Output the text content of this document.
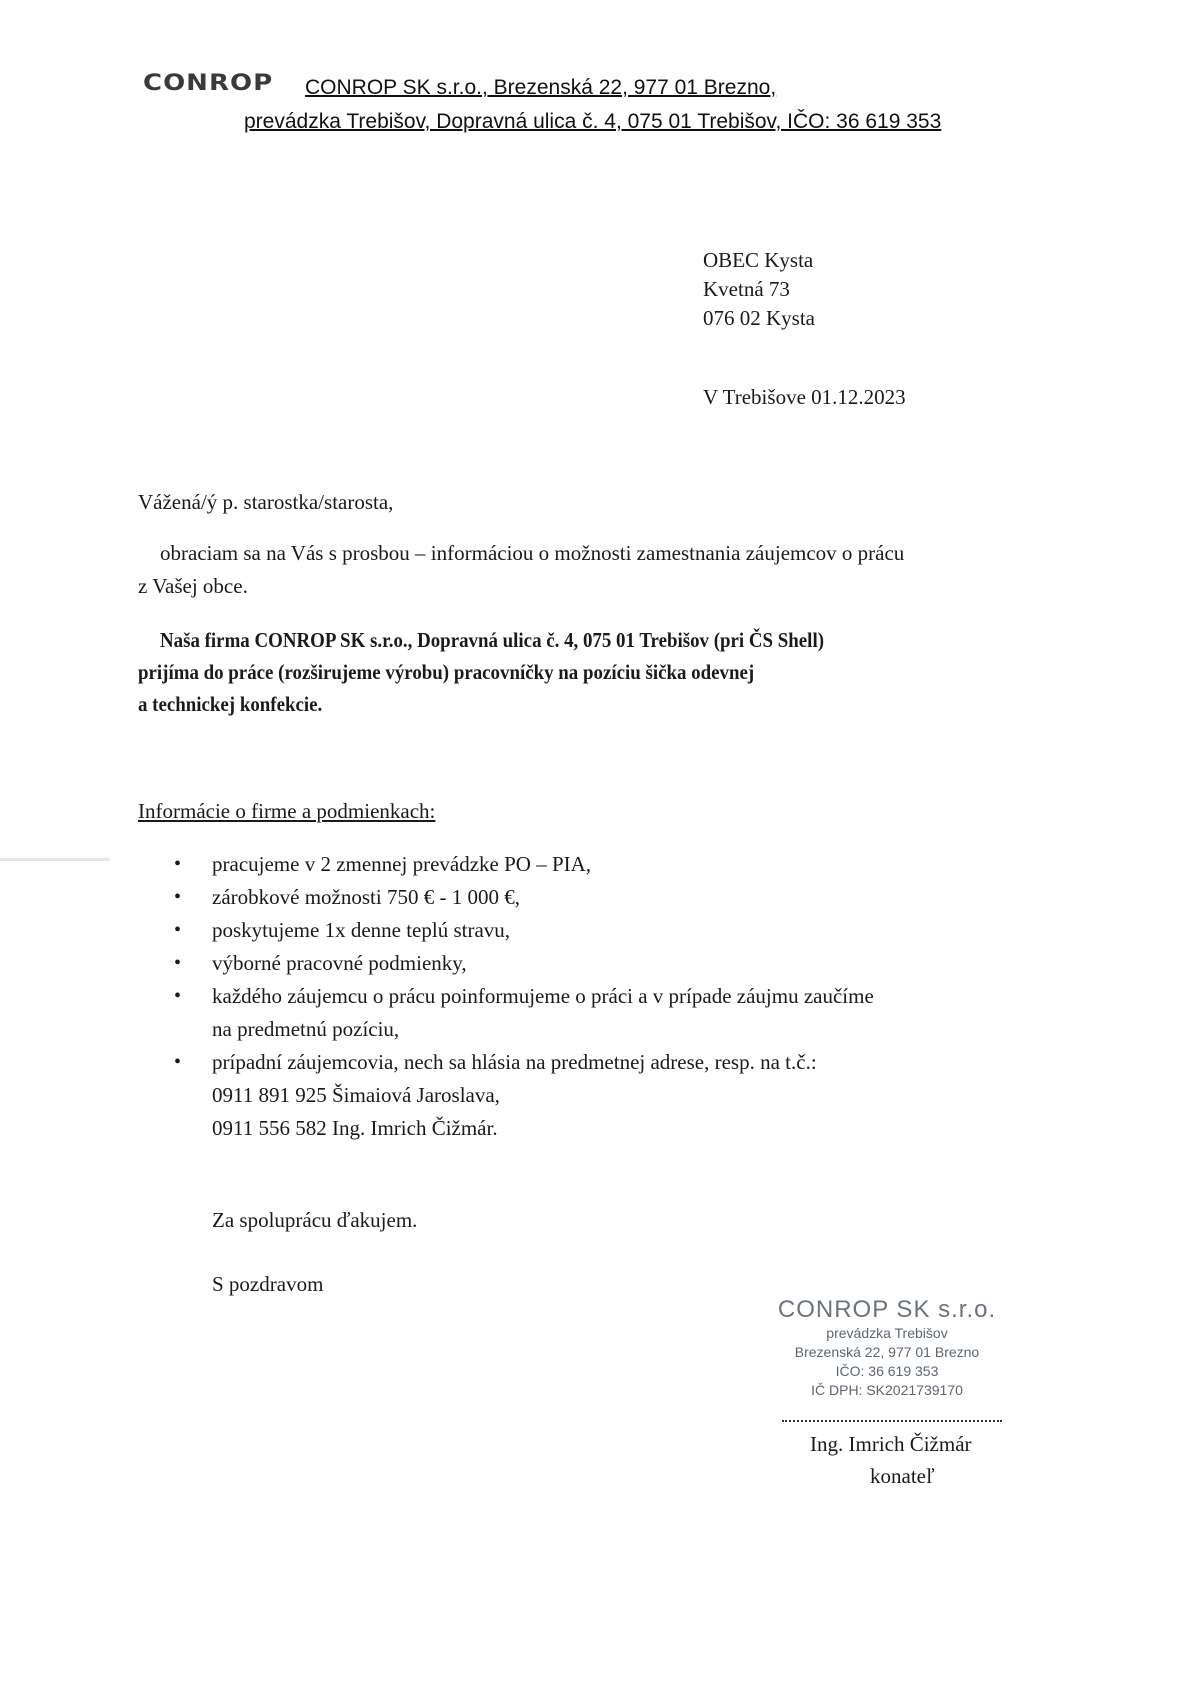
CONROP CONROP SK s.r.o., Brezenská 22, 977 01 Brezno,
prevádzka Trebišov, Dopravná ulica č. 4, 075 01 Trebišov, IČO: 36 619 353
OBEC Kysta
Kvetná 73
076 02 Kysta
V Trebišove 01.12.2023
Vážená/ý p. starostka/starosta,
obraciam sa na Vás s prosbou – informáciou o možnosti zamestnania záujemcov o prácu
z Vašej obce.
Naša firma CONROP SK s.r.o., Dopravná ulica č. 4, 075 01 Trebišov (pri ČS Shell)
prijíma do práce (rozširujeme výrobu) pracovníčky na pozíciu šička odevnej
a technickej konfekcie.
Informácie o firme a podmienkach:
• pracujeme v 2 zmennej prevádzke PO – PIA,
• zárobkové možnosti 750 € - 1 000 €,
• poskytujeme 1x denne teplú stravu,
• výborné pracovné podmienky,
• každého záujemcu o prácu poinformujeme o práci a v prípade záujmu zaučíme
na predmetnú pozíciu,
• prípadní záujemcovia, nech sa hlásia na predmetnej adrese, resp. na t.č.:
0911 891 925 Šimaiová Jaroslava,
0911 556 582 Ing. Imrich Čižmár.
Za spoluprácu ďakujem.
S pozdravom
CONROP SK s.r.o.
prevádzka Trebišov
Brezenská 22, 977 01 Brezno
IČO: 36 619 353
IČ DPH: SK2021739170
Ing. Imrich Čižmár
konateľ
